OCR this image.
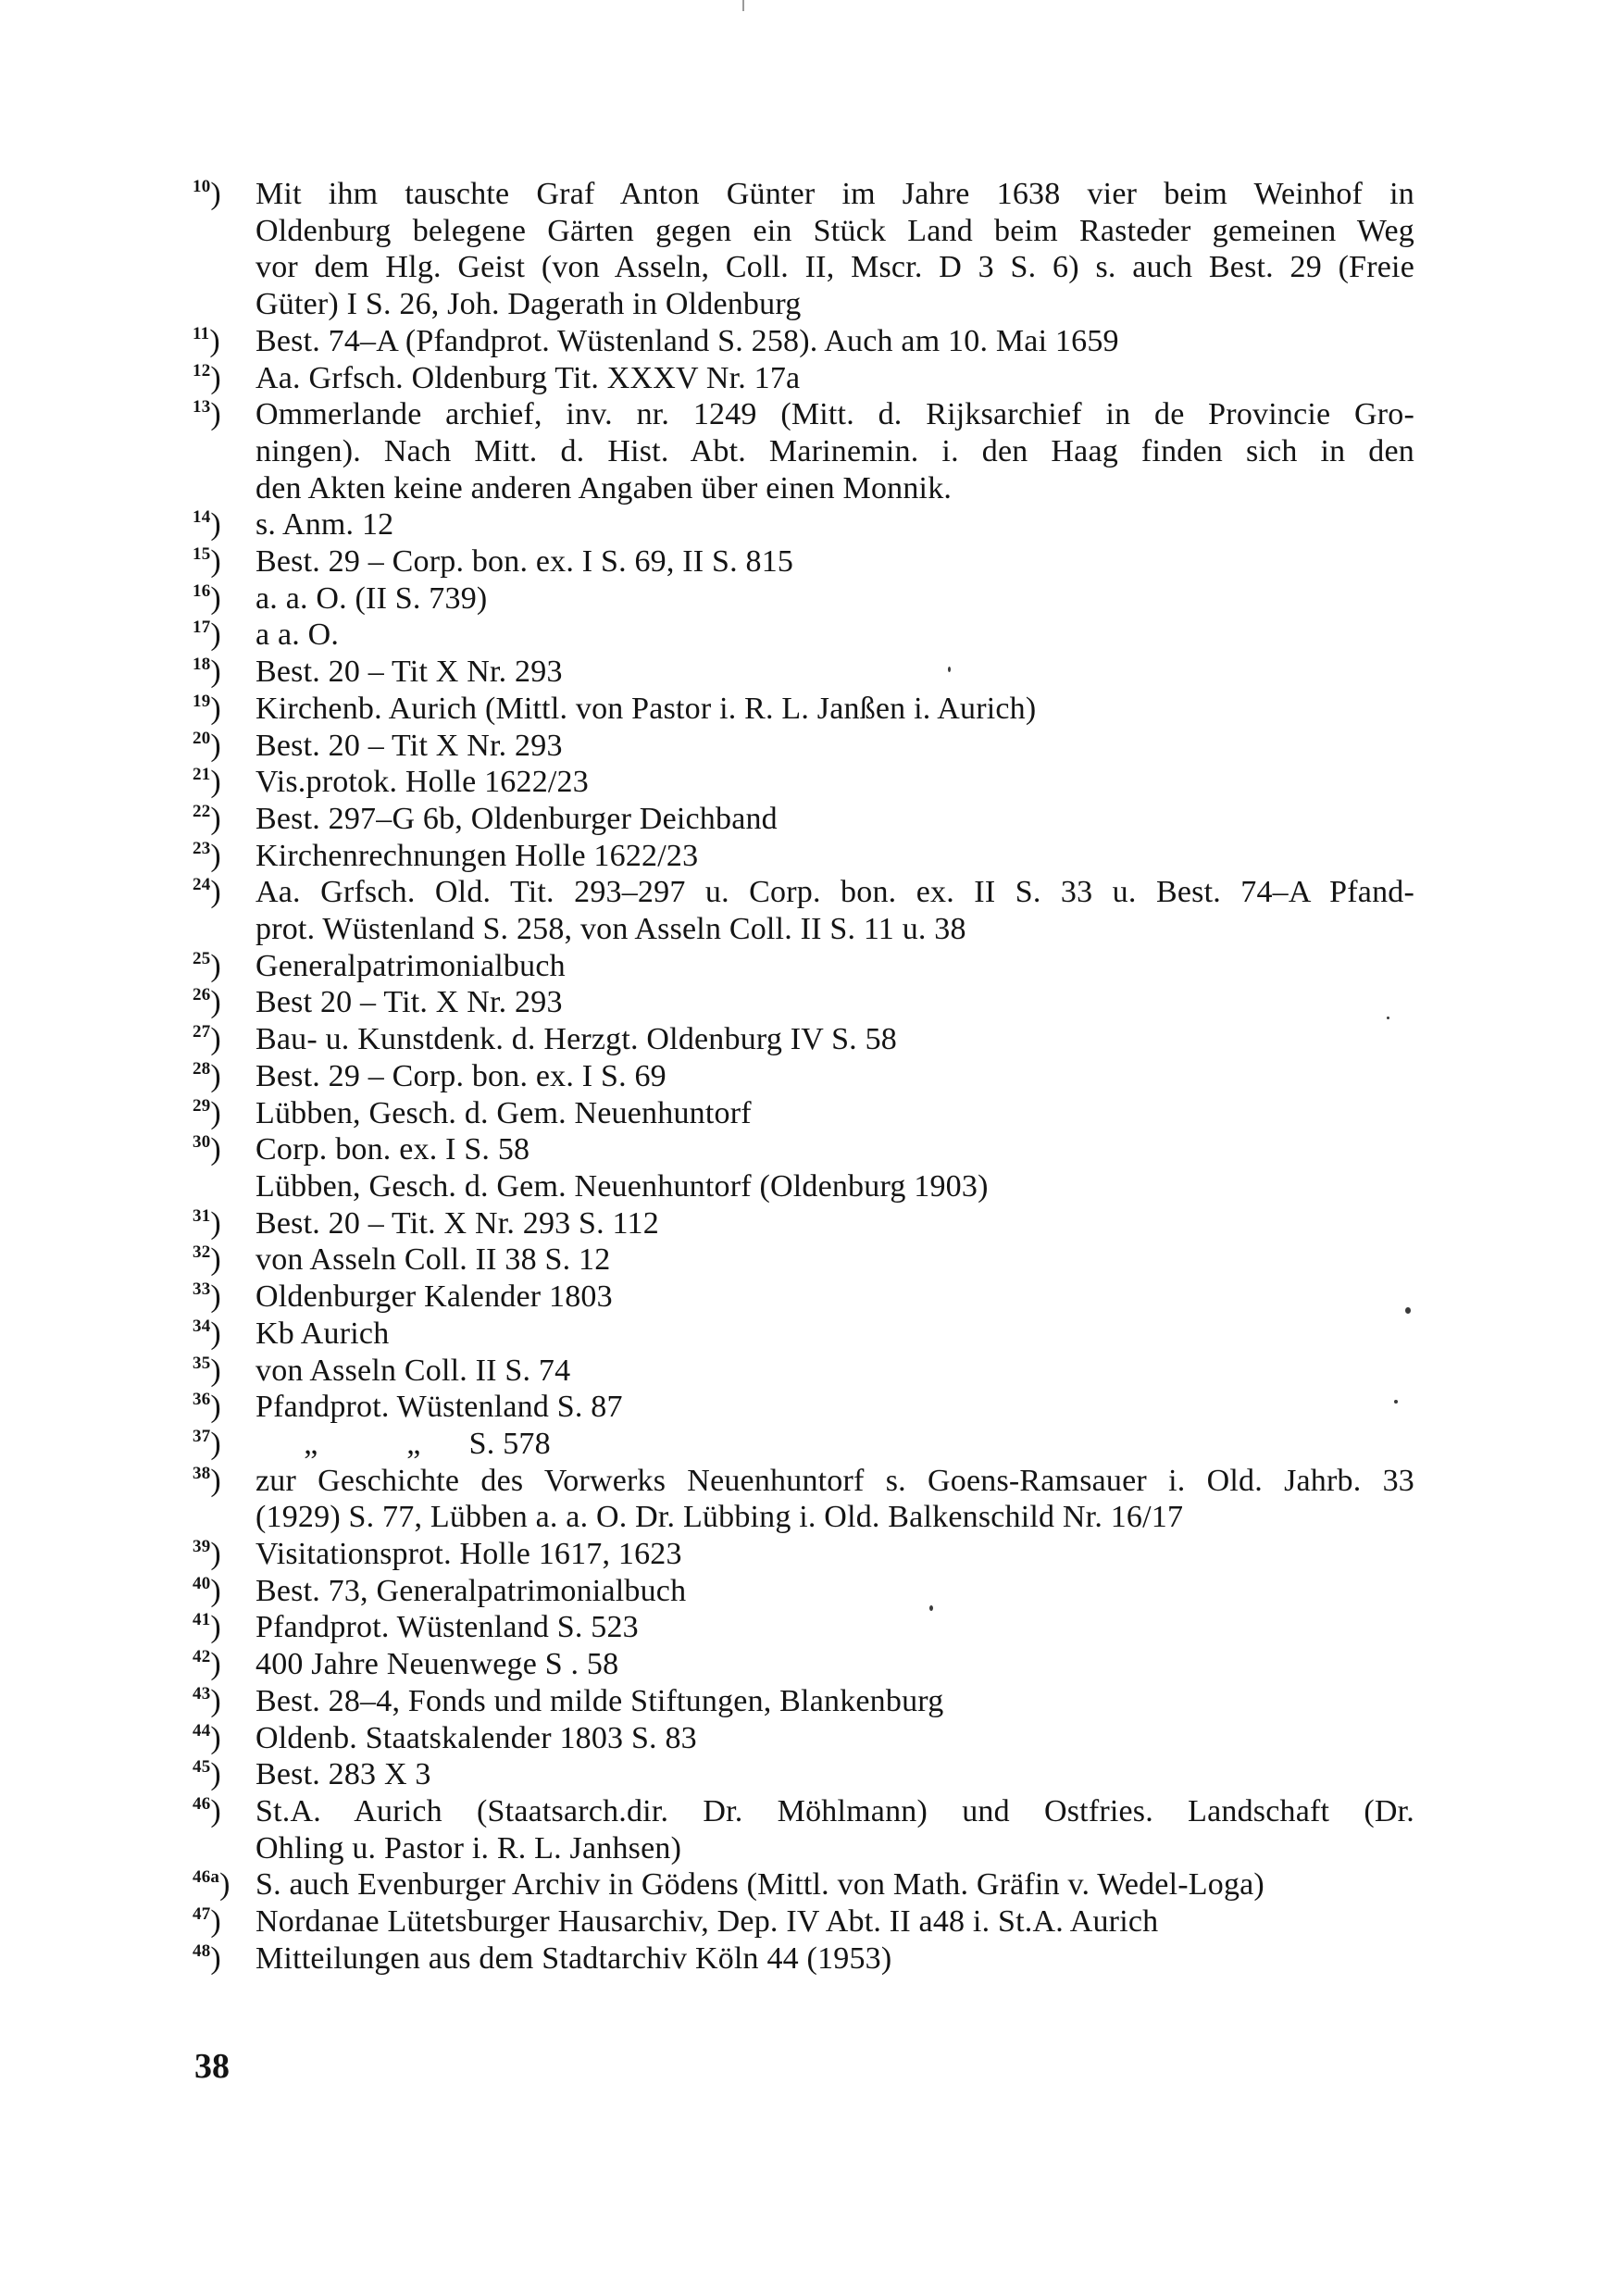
$^{10}$)	Mit ihm tauschte Graf Anton Günter im Jahre 1638 vier beim Weinhof in
Oldenburg belegene Gärten gegen ein Stück Land beim Rasteder gemeinen Weg
vor dem Hlg. Geist (von Asseln, Coll. II, Mscr. D 3 S. 6) s. auch Best. 29 (Freie
Güter) I S. 26, Joh. Dagerath in Oldenburg
$^{11}$)	Best. 74–A (Pfandprot. Wüstenland S. 258). Auch am 10. Mai 1659
$^{12}$)	Aa. Grfsch. Oldenburg Tit. XXXV Nr. 17a
$^{13}$)	Ommerlande archief, inv. nr. 1249 (Mitt. d. Rijksarchief in de Provincie Gro-
ningen). Nach Mitt. d. Hist. Abt. Marinemin. i. den Haag finden sich in den
den Akten keine anderen Angaben über einen Monnik.
$^{14}$)	s. Anm. 12
$^{15}$)	Best. 29 – Corp. bon. ex. I S. 69, II S. 815
$^{16}$)	a. a. O. (II S. 739)
$^{17}$)	a a. O.
$^{18}$)	Best. 20 – Tit X Nr. 293
$^{19}$)	Kirchenb. Aurich (Mittl. von Pastor i. R. L. Janßen i. Aurich)
$^{20}$)	Best. 20 – Tit X Nr. 293
$^{21}$)	Vis.protok. Holle 1622/23
$^{22}$)	Best. 297–G 6b, Oldenburger Deichband
$^{23}$)	Kirchenrechnungen Holle 1622/23
$^{24}$)	Aa. Grfsch. Old. Tit. 293–297 u. Corp. bon. ex. II S. 33 u. Best. 74–A Pfand-
prot. Wüstenland S. 258, von Asseln Coll. II S. 11 u. 38
$^{25}$)	Generalpatrimonialbuch
$^{26}$)	Best 20 – Tit. X Nr. 293
$^{27}$)	Bau- u. Kunstdenk. d. Herzgt. Oldenburg IV S. 58
$^{28}$)	Best. 29 – Corp. bon. ex. I S. 69
$^{29}$)	Lübben, Gesch. d. Gem. Neuenhuntorf
$^{30}$)	Corp. bon. ex. I S. 58
Lübben, Gesch. d. Gem. Neuenhuntorf (Oldenburg 1903)
$^{31}$)	Best. 20 – Tit. X Nr. 293 S. 112
$^{32}$)	von Asseln Coll. II 38 S. 12
$^{33}$)	Oldenburger Kalender 1803
$^{34}$)	Kb Aurich
$^{35}$)	von Asseln Coll. II S. 74
$^{36}$)	Pfandprot. Wüstenland S. 87
$^{37}$)	„           „      S. 578
$^{38}$)	zur Geschichte des Vorwerks Neuenhuntorf s. Goens-Ramsauer i. Old. Jahrb. 33
(1929) S. 77, Lübben a. a. O. Dr. Lübbing i. Old. Balkenschild Nr. 16/17
$^{39}$)	Visitationsprot. Holle 1617, 1623
$^{40}$)	Best. 73, Generalpatrimonialbuch
$^{41}$)	Pfandprot. Wüstenland S. 523
$^{42}$)	400 Jahre Neuenwege S . 58
$^{43}$)	Best. 28–4, Fonds und milde Stiftungen, Blankenburg
$^{44}$)	Oldenb. Staatskalender 1803 S. 83
$^{45}$)	Best. 283 X 3
$^{46}$)	St.A. Aurich (Staatsarch.dir. Dr. Möhlmann) und Ostfries. Landschaft (Dr.
Ohling u. Pastor i. R. L. Janhsen)
$^{46a}$) S. auch Evenburger Archiv in Gödens (Mittl. von Math. Gräfin v. Wedel-Loga)
$^{47}$)	Nordanae Lütetsburger Hausarchiv, Dep. IV Abt. II a48 i. St.A. Aurich
$^{48}$)	Mitteilungen aus dem Stadtarchiv Köln 44 (1953)
38
